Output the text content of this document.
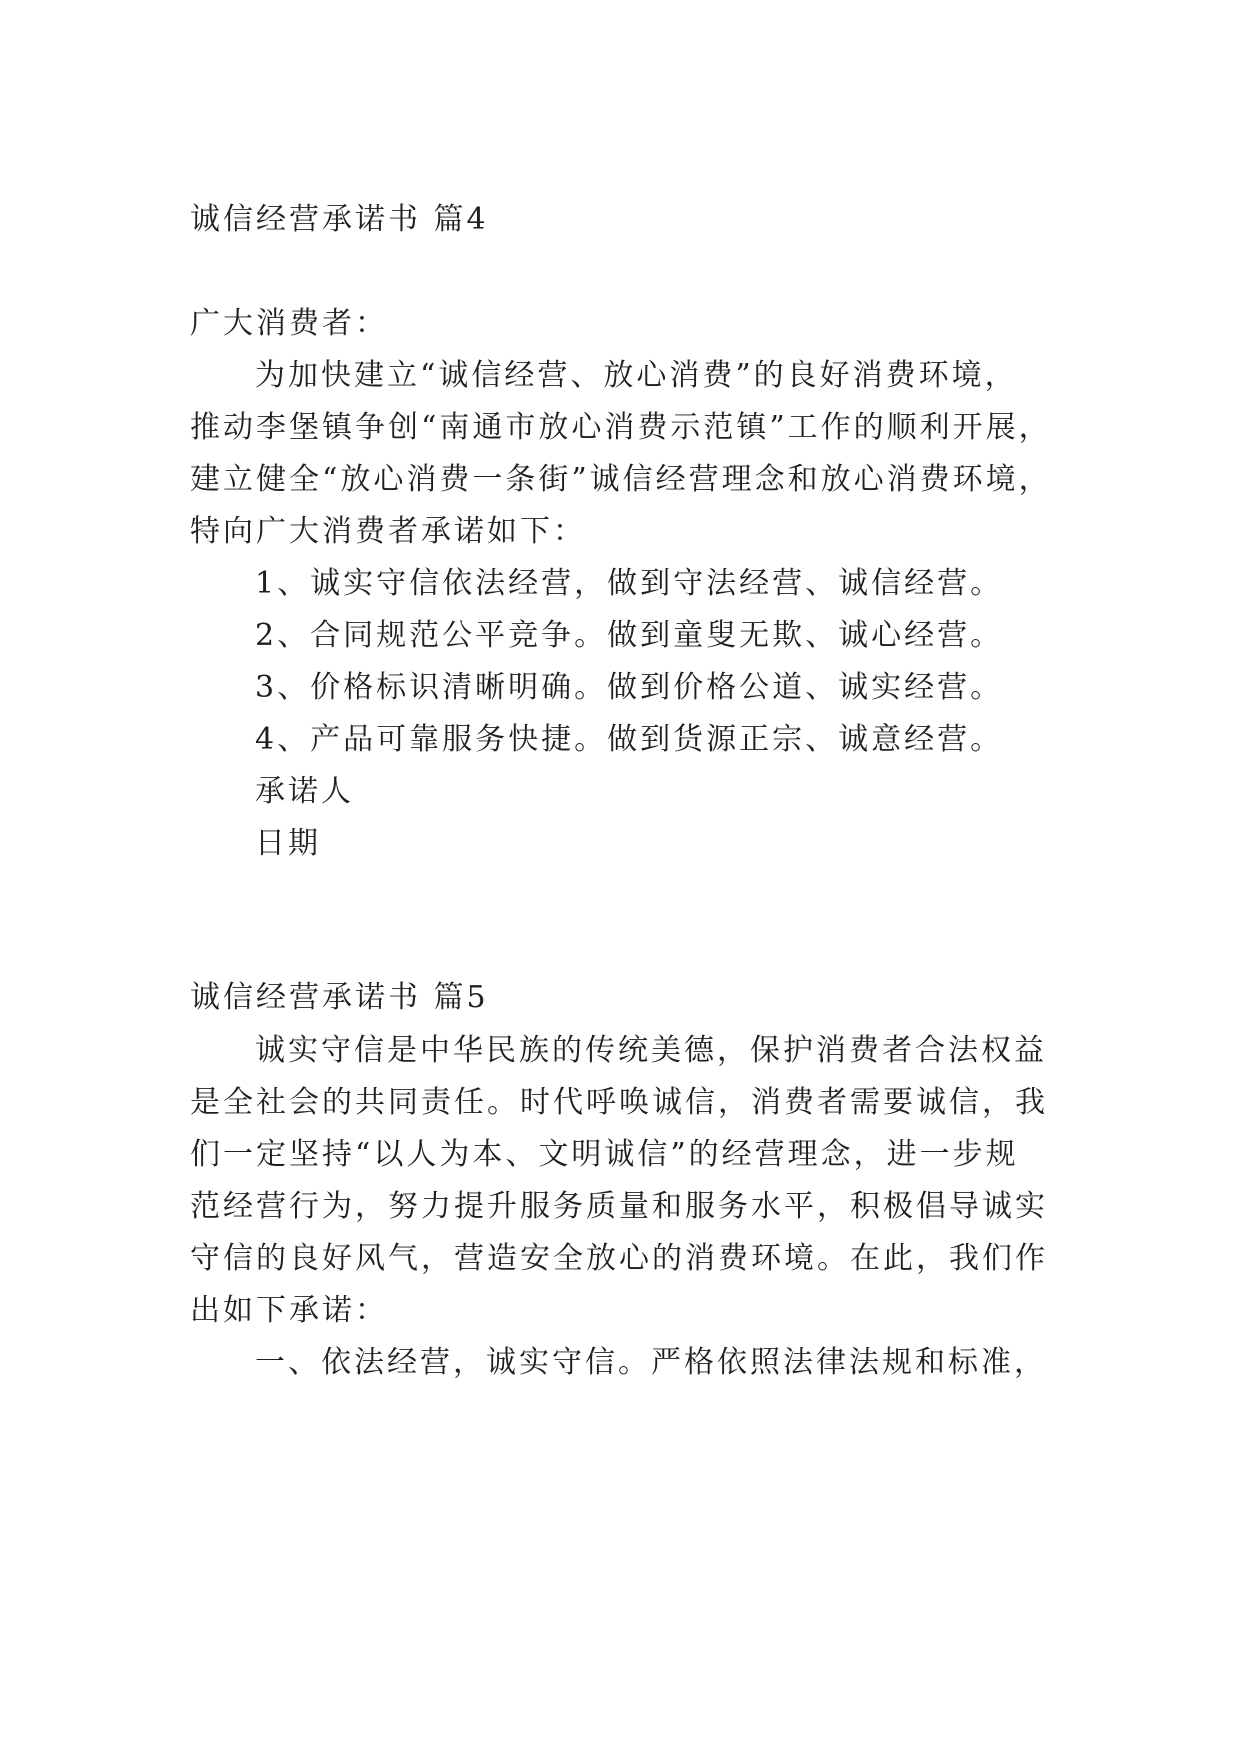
诚信经营承诺书 篇4
广大消费者：
为加快建立“诚信经营、放心消费”的良好消费环境，
推动李堡镇争创“南通市放心消费示范镇”工作的顺利开展，
建立健全“放心消费一条街”诚信经营理念和放心消费环境，
特向广大消费者承诺如下：
1、诚实守信依法经营，做到守法经营、诚信经营。
2、合同规范公平竞争。做到童叟无欺、诚心经营。
3、价格标识清晰明确。做到价格公道、诚实经营。
4、产品可靠服务快捷。做到货源正宗、诚意经营。
承诺人
日期
诚信经营承诺书 篇5
诚实守信是中华民族的传统美德，保护消费者合法权益
是全社会的共同责任。时代呼唤诚信，消费者需要诚信，我
们一定坚持“以人为本、文明诚信”的经营理念，进一步规
范经营行为，努力提升服务质量和服务水平，积极倡导诚实
守信的良好风气，营造安全放心的消费环境。在此，我们作
出如下承诺：
一、依法经营，诚实守信。严格依照法律法规和标准，
